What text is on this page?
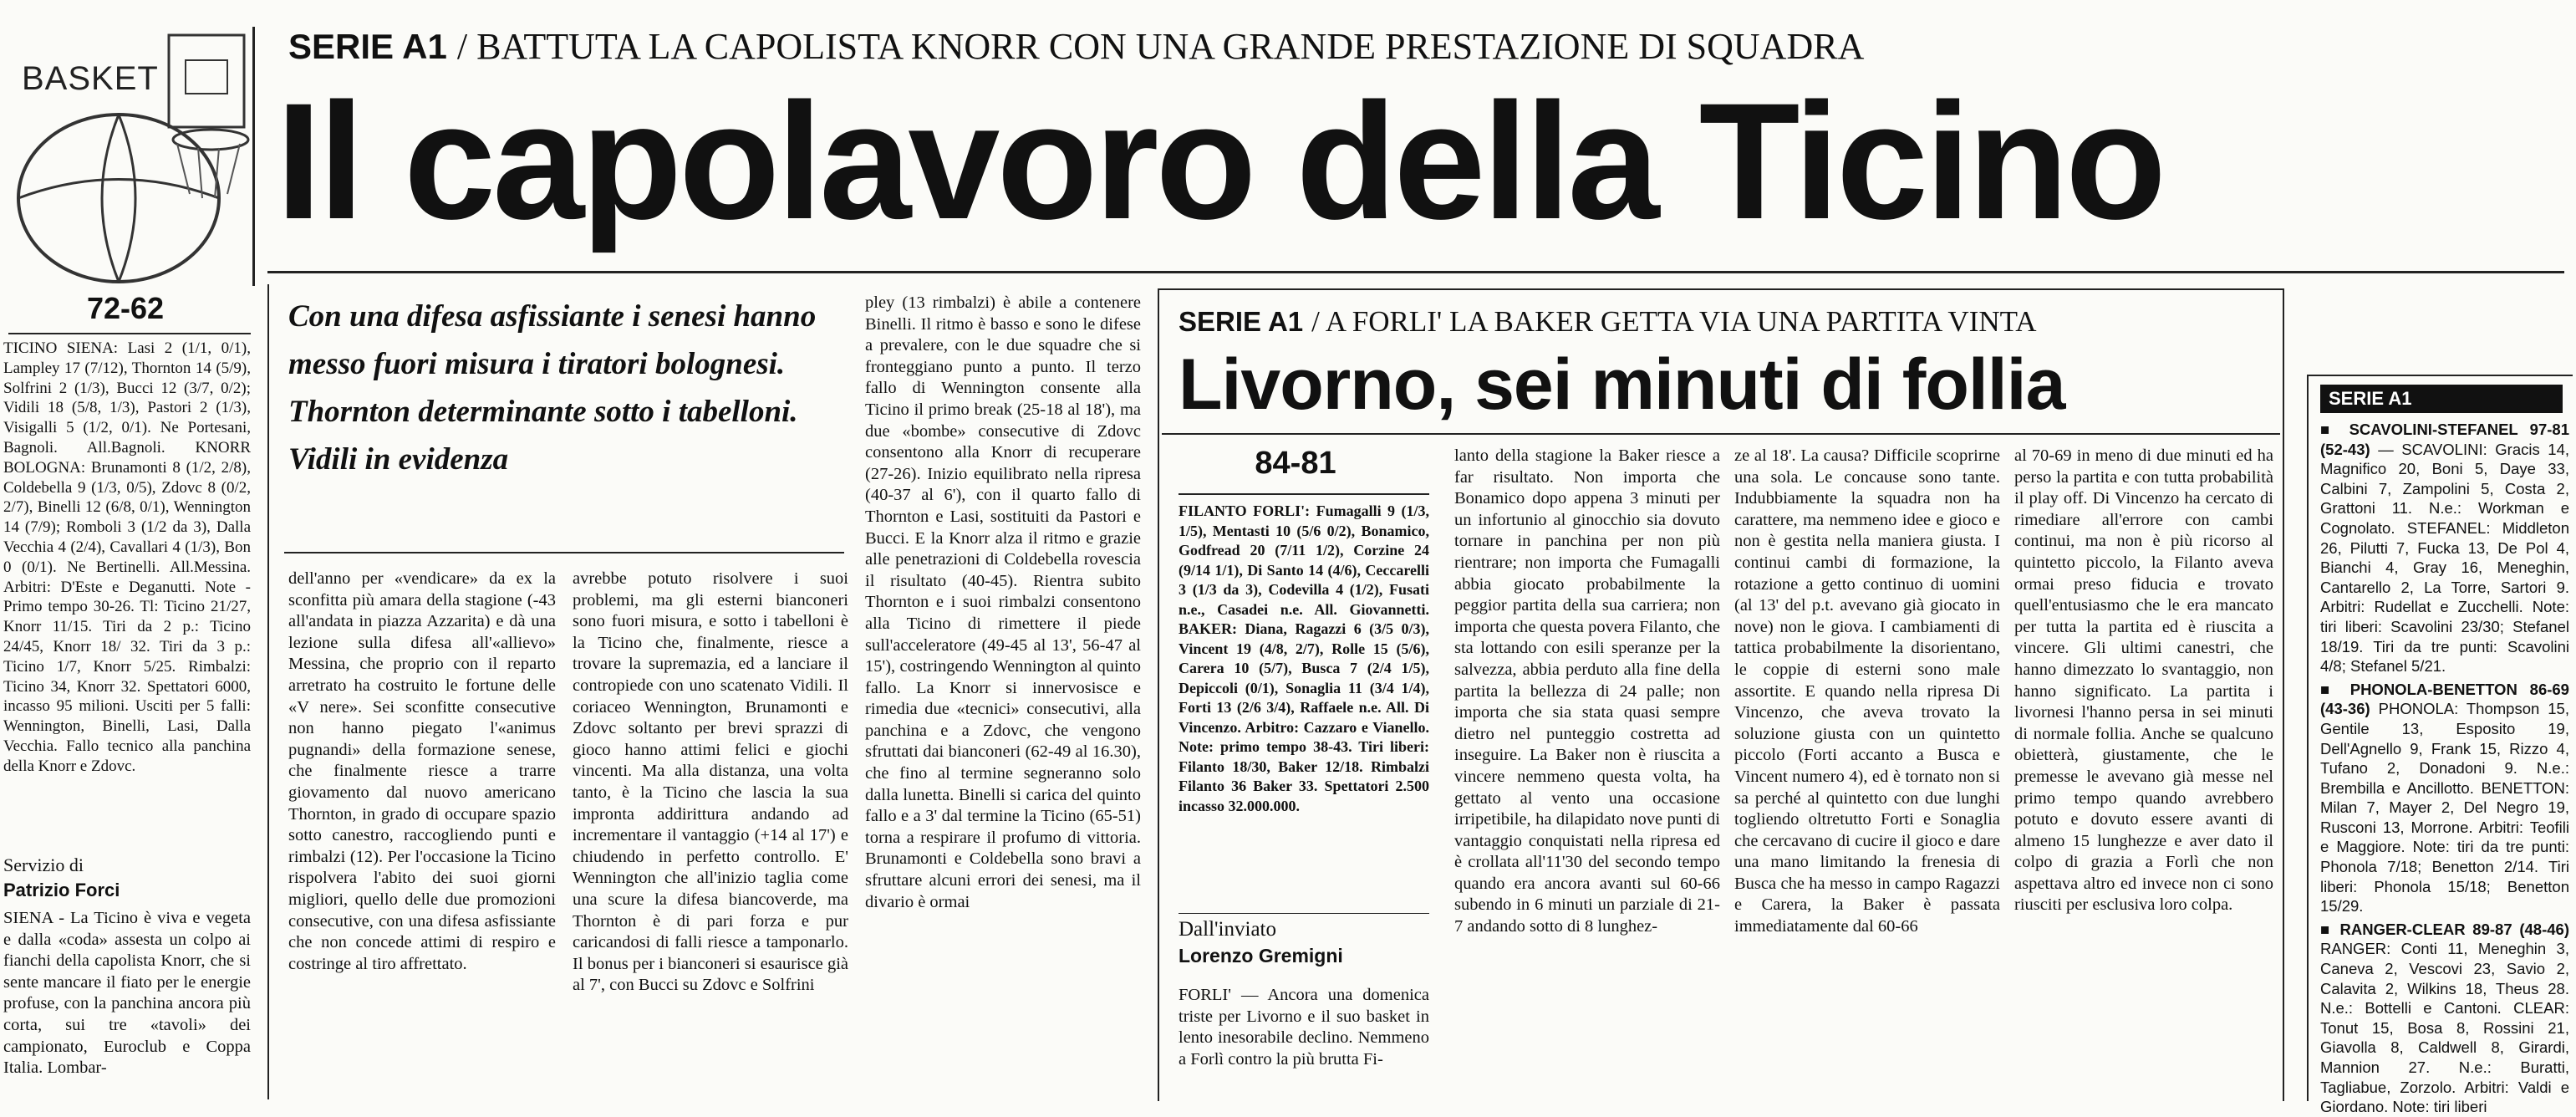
BASKET
SERIE A1 / BATTUTA LA CAPOLISTA KNORR CON UNA GRANDE PRESTAZIONE DI SQUADRA
Il capolavoro della Ticino
72-62
TICINO SIENA: Lasi 2 (1/1, 0/1), Lampley 17 (7/12), Thornton 14 (5/9), Solfrini 2 (1/3), Bucci 12 (3/7, 0/2); Vidili 18 (5/8, 1/3), Pastori 2 (1/3), Visigalli 5 (1/2, 0/1). Ne Portesani, Bagnoli. All.Bagnoli. KNORR BOLOGNA: Brunamonti 8 (1/2, 2/8), Coldebella 9 (1/3, 0/5), Zdovc 8 (0/2, 2/7), Binelli 12 (6/8, 0/1), Wennington 14 (7/9); Romboli 3 (1/2 da 3), Dalla Vecchia 4 (2/4), Cavallari 4 (1/3), Bon 0 (0/1). Ne Bertinelli. All.Messina. Arbitri: D'Este e Deganutti. Note - Primo tempo 30-26. Tl: Ticino 21/27, Knorr 11/15. Tiri da 2 p.: Ticino 24/45, Knorr 18/ 32. Tiri da 3 p.: Ticino 1/7, Knorr 5/25. Rimbalzi: Ticino 34, Knorr 32. Spettatori 6000, incasso 95 milioni. Usciti per 5 falli: Wennington, Binelli, Lasi, Dalla Vecchia. Fallo tecnico alla panchina della Knorr e Zdovc.
Servizio di
Patrizio Forci
SIENA - La Ticino è viva e vegeta e dalla «coda» assesta un colpo ai fianchi della capolista Knorr, che si sente mancare il fiato per le energie profuse, con la panchina ancora più corta, sui tre «tavoli» dei campionato, Euroclub e Coppa Italia. Lombar-
Con una difesa asfissiante i senesi hanno messo fuori misura i tiratori bolognesi. Thornton determinante sotto i tabelloni. Vidili in evidenza
dell'anno per «vendicare» da ex la sconfitta più amara della stagione (-43 all'andata in piazza Azzarita) e dà una lezione sulla difesa all'«allievo» Messina, che proprio con il reparto arretrato ha costruito le fortune delle «V nere». Sei sconfitte consecutive non hanno piegato l'«animus pugnandi» della formazione senese, che finalmente riesce a trarre giovamento dal nuovo americano Thornton, in grado di occupare spazio sotto canestro, raccogliendo punti e rimbalzi (12). Per l'occasione la Ticino rispolvera l'abito dei suoi giorni migliori, quello delle due promozioni consecutive, con una difesa asfissiante che non concede attimi di respiro e costringe al tiro affrettato.
avrebbe potuto risolvere i suoi problemi, ma gli esterni bianconeri sono fuori misura, e sotto i tabelloni è la Ticino che, finalmente, riesce a trovare la supremazia, ed a lanciare il contropiede con uno scatenato Vidili. Il coriaceo Wennington, Brunamonti e Zdovc soltanto per brevi sprazzi di gioco hanno attimi felici e giochi vincenti. Ma alla distanza, una volta tanto, è la Ticino che lascia la sua impronta addirittura andando ad incrementare il vantaggio (+14 al 17') e chiudendo in perfetto controllo. E' Wennington che all'inizio taglia come una scure la difesa biancoverde, ma Thornton è di pari forza e pur caricandosi di falli riesce a tamponarlo. Il bonus per i bianconeri si esaurisce già al 7', con Bucci su Zdovc e Solfrini
pley (13 rimbalzi) è abile a contenere Binelli. Il ritmo è basso e sono le difese a prevalere, con le due squadre che si fronteggiano punto a punto. Il terzo fallo di Wennington consente alla Ticino il primo break (25-18 al 18'), ma due «bombe» consecutive di Zdovc consentono alla Knorr di recuperare (27-26). Inizio equilibrato nella ripresa (40-37 al 6'), con il quarto fallo di Thornton e Lasi, sostituiti da Pastori e Bucci. E la Knorr alza il ritmo e grazie alle penetrazioni di Coldebella rovescia il risultato (40-45). Rientra subito Thornton e i suoi rimbalzi consentono alla Ticino di rimettere il piede sull'acceleratore (49-45 al 13', 56-47 al 15'), costringendo Wennington al quinto fallo. La Knorr si innervosisce e rimedia due «tecnici» consecutivi, alla panchina e a Zdovc, che vengono sfruttati dai bianconeri (62-49 al 16.30), che fino al termine segneranno solo dalla lunetta. Binelli si carica del quinto fallo e a 3' dal termine la Ticino (65-51) torna a respirare il profumo di vittoria. Brunamonti e Coldebella sono bravi a sfruttare alcuni errori dei senesi, ma il divario è ormai
SERIE A1 / A FORLI' LA BAKER GETTA VIA UNA PARTITA VINTA
Livorno, sei minuti di follia
84-81
FILANTO FORLI': Fumagalli 9 (1/3, 1/5), Mentasti 10 (5/6 0/2), Bonamico, Godfread 20 (7/11 1/2), Corzine 24 (9/14 1/1), Di Santo 14 (4/6), Ceccarelli 3 (1/3 da 3), Codevilla 4 (1/2), Fusati n.e., Casadei n.e. All. Giovannetti. BAKER: Diana, Ragazzi 6 (3/5 0/3), Vincent 19 (4/8, 2/7), Rolle 15 (5/6), Carera 10 (5/7), Busca 7 (2/4 1/5), Depiccoli (0/1), Sonaglia 11 (3/4 1/4), Forti 13 (2/6 3/4), Raffaele n.e. All. Di Vincenzo. Arbitro: Cazzaro e Vianello. Note: primo tempo 38-43. Tiri liberi: Filanto 18/30, Baker 12/18. Rimbalzi Filanto 36 Baker 33. Spettatori 2.500 incasso 32.000.000.
Dall'inviato
Lorenzo Gremigni
FORLI' — Ancora una domenica triste per Livorno e il suo basket in lento inesorabile declino. Nemmeno a Forlì contro la più brutta Fi-
lanto della stagione la Baker riesce a far risultato. Non importa che Bonamico dopo appena 3 minuti per un infortunio al ginocchio sia dovuto tornare in panchina per non più rientrare; non importa che Fumagalli abbia giocato probabilmente la peggior partita della sua carriera; non importa che questa povera Filanto, che sta lottando con esili speranze per la salvezza, abbia perduto alla fine della partita la bellezza di 24 palle; non importa che sia stata quasi sempre dietro nel punteggio costretta ad inseguire. La Baker non è riuscita a vincere nemmeno questa volta, ha gettato al vento una occasione irripetibile, ha dilapidato nove punti di vantaggio conquistati nella ripresa ed è crollata all'11'30 del secondo tempo quando era ancora avanti sul 60-66 subendo in 6 minuti un parziale di 21-7 andando sotto di 8 lunghez-
ze al 18'. La causa? Difficile scoprirne una sola. Le concause sono tante. Indubbiamente la squadra non ha carattere, ma nemmeno idee e gioco e non è gestita nella maniera giusta. I continui cambi di formazione, la rotazione a getto continuo di uomini (al 13' del p.t. avevano già giocato in nove) non le giova. I cambiamenti di tattica probabilmente la disorientano, le coppie di esterni sono male assortite. E quando nella ripresa Di Vincenzo, che aveva trovato la soluzione giusta con un quintetto piccolo (Forti accanto a Busca e Vincent numero 4), ed è tornato non si sa perché al quintetto con due lunghi togliendo oltretutto Forti e Sonaglia che cercavano di cucire il gioco e dare una mano limitando la frenesia di Busca che ha messo in campo Ragazzi e Carera, la Baker è passata immediatamente dal 60-66
al 70-69 in meno di due minuti ed ha perso la partita e con tutta probabilità il play off. Di Vincenzo ha cercato di rimediare all'errore con cambi continui, ma non è più ricorso al quintetto piccolo, la Filanto aveva ormai preso fiducia e trovato quell'entusiasmo che le era mancato per tutta la partita ed è riuscita a vincere. Gli ultimi canestri, che hanno dimezzato lo svantaggio, non hanno significato. La partita i livornesi l'hanno persa in sei minuti di normale follia. Anche se qualcuno obietterà, giustamente, che le premesse le avevano già messe nel primo tempo quando avrebbero potuto e dovuto essere avanti di almeno 15 lunghezze e aver dato il colpo di grazia a Forlì che non aspettava altro ed invece non ci sono riusciti per esclusiva loro colpa.
SERIE A1
■ SCAVOLINI-STEFANEL 97-81 (52-43) — SCAVOLINI: Gracis 14, Magnifico 20, Boni 5, Daye 33, Calbini 7, Zampolini 5, Costa 2, Grattoni 11. N.e.: Workman e Cognolato. STEFANEL: Middleton 26, Pilutti 7, Fucka 13, De Pol 4, Bianchi 4, Gray 16, Meneghin, Cantarello 2, La Torre, Sartori 9. Arbitri: Rudellat e Zucchelli. Note: tiri liberi: Scavolini 23/30; Stefanel 18/19. Tiri da tre punti: Scavolini 4/8; Stefanel 5/21.
■ PHONOLA-BENETTON 86-69 (43-36) PHONOLA: Thompson 15, Gentile 13, Esposito 19, Dell'Agnello 9, Frank 15, Rizzo 4, Tufano 2, Donadoni 9. N.e.: Brembilla e Ancillotto. BENETTON: Milan 7, Mayer 2, Del Negro 19, Rusconi 13, Morrone. Arbitri: Teofili e Maggiore. Note: tiri da tre punti: Phonola 7/18; Benetton 2/14. Tiri liberi: Phonola 15/18; Benetton 15/29.
■ RANGER-CLEAR 89-87 (48-46) RANGER: Conti 11, Meneghin 3, Caneva 2, Vescovi 23, Savio 2, Calavita 2, Wilkins 18, Theus 28. N.e.: Bottelli e Cantoni. CLEAR: Tonut 15, Bosa 8, Rossini 21, Giavolla 8, Caldwell 8, Girardi, Mannion 27. N.e.: Buratti, Tagliabue, Zorzolo. Arbitri: Valdi e Giordano. Note: tiri liberi
